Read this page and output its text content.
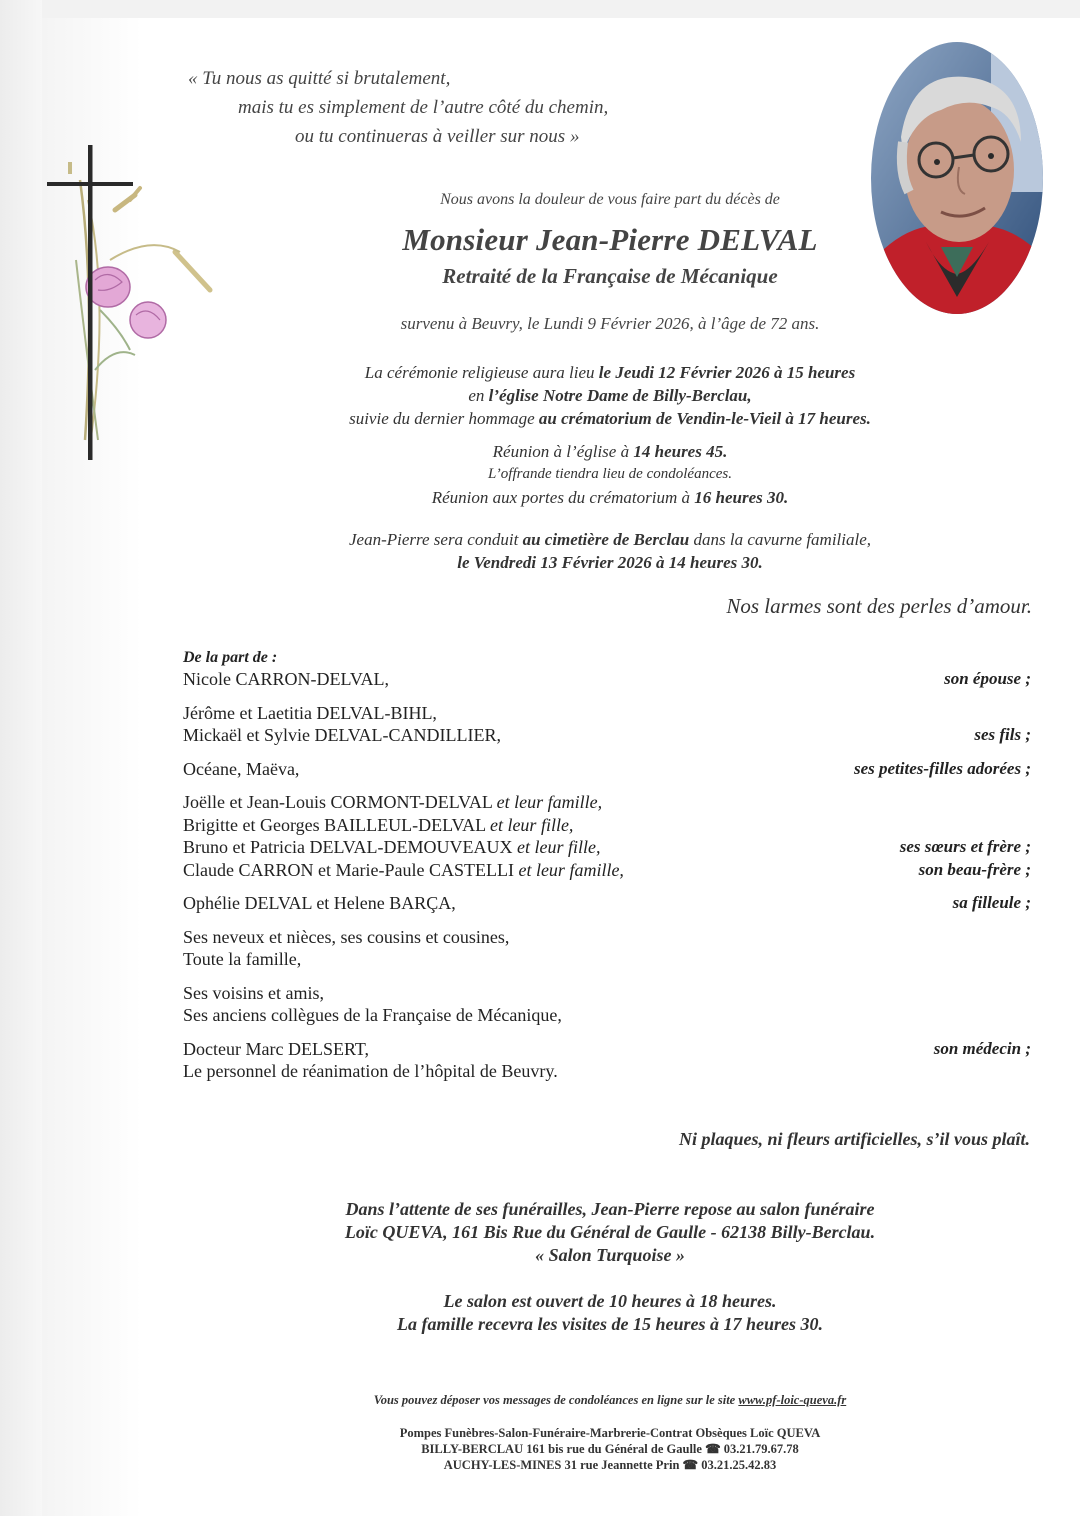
« Tu nous as quitté si brutalement,
mais tu es simplement de l’autre côté du chemin,
ou tu continueras à veiller sur nous »
Nous avons la douleur de vous faire part du décès de
Monsieur Jean-Pierre DELVAL
Retraité de la Française de Mécanique
survenu à Beuvry, le Lundi 9 Février 2026, à l’âge de 72 ans.
La cérémonie religieuse aura lieu le Jeudi 12 Février 2026 à 15 heures
en l’église Notre Dame de Billy-Berclau,
suivie du dernier hommage au crématorium de Vendin-le-Vieil à 17 heures.
Réunion à l’église à 14 heures 45.
L’offrande tiendra lieu de condoléances.
Réunion aux portes du crématorium à 16 heures 30.
Jean-Pierre sera conduit au cimetière de Berclau dans la cavurne familiale,
le Vendredi 13 Février 2026 à 14 heures 30.
Nos larmes sont des perles d’amour.
De la part de :
Nicole CARRON-DELVAL,	son épouse ;
Jérôme et Laetitia DELVAL-BIHL,
Mickaël et Sylvie DELVAL-CANDILLIER,	ses fils ;
Océane, Maëva,	ses petites-filles adorées ;
Joëlle et Jean-Louis CORMONT-DELVAL et leur famille,
Brigitte et Georges BAILLEUL-DELVAL et leur fille,
Bruno et Patricia DELVAL-DEMOUVEAUX et leur fille,	ses sœurs et frère ;
Claude CARRON et Marie-Paule CASTELLI et leur famille,	son beau-frère ;
Ophélie DELVAL et Helene BARÇA,	sa filleule ;
Ses neveux et nièces, ses cousins et cousines,
Toute la famille,
Ses voisins et amis,
Ses anciens collègues de la Française de Mécanique,
Docteur Marc DELSERT,	son médecin ;
Le personnel de réanimation de l’hôpital de Beuvry.
Ni plaques, ni fleurs artificielles, s’il vous plaît.
Dans l’attente de ses funérailles, Jean-Pierre repose au salon funéraire
Loïc QUEVA, 161 Bis Rue du Général de Gaulle - 62138 Billy-Berclau.
« Salon Turquoise »
Le salon est ouvert de 10 heures à 18 heures.
La famille recevra les visites de 15 heures à 17 heures 30.
Vous pouvez déposer vos messages de condoléances en ligne sur le site www.pf-loic-queva.fr
Pompes Funèbres-Salon-Funéraire-Marbrerie-Contrat Obsèques Loïc QUEVA
BILLY-BERCLAU 161 bis rue du Général de Gaulle ☎ 03.21.79.67.78
AUCHY-LES-MINES 31 rue Jeannette Prin ☎ 03.21.25.42.83
